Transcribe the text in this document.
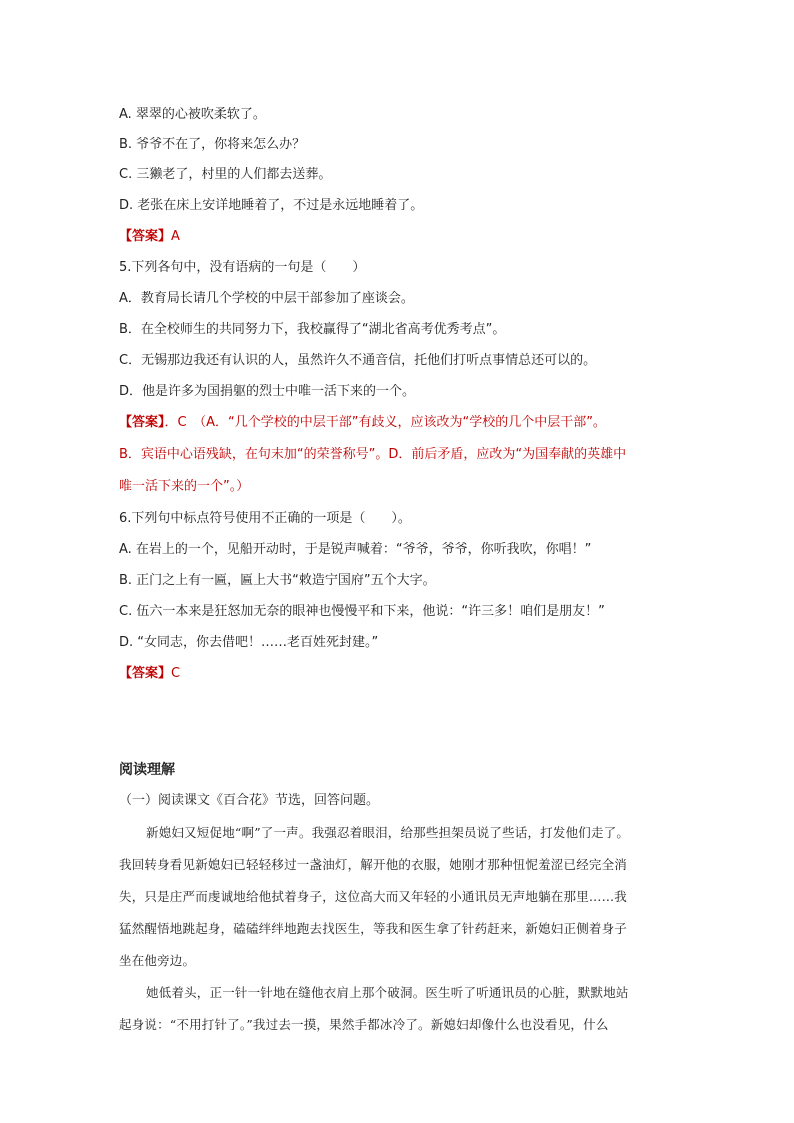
A. 翠翠的心被吹柔软了。
B. 爷爷不在了，你将来怎么办？
C. 三獭老了，村里的人们都去送葬。
D. 老张在床上安详地睡着了，不过是永远地睡着了。
【答案】A
5.下列各句中，没有语病的一句是（　　）
A．教育局长请几个学校的中层干部参加了座谈会。
B．在全校师生的共同努力下，我校赢得了“湖北省高考优秀考点”。
C．无锡那边我还有认识的人，虽然许久不通音信，托他们打听点事情总还可以的。
D．他是许多为国捐躯的烈士中唯一活下来的一个。
【答案】．C　（A．“几个学校的中层干部”有歧义，应该改为“学校的几个中层干部”。
B．宾语中心语残缺，在句末加“的荣誉称号”。D．前后矛盾，应改为“为国奉献的英雄中
唯一活下来的一个”。）
6.下列句中标点符号使用不正确的一项是（　　）。
A. 在岩上的一个，见船开动时，于是锐声喊着：“爷爷，爷爷，你听我吹，你唱！”
B. 正门之上有一匾，匾上大书“敕造宁国府”五个大字。
C. 伍六一本来是狂怒加无奈的眼神也慢慢平和下来，他说：“许三多！咱们是朋友！”
D. “女同志，你去借吧！……老百姓死封建。”
【答案】C
阅读理解
（一）阅读课文《百合花》节选，回答问题。
新媳妇又短促地“啊”了一声。我强忍着眼泪，给那些担架员说了些话，打发他们走了。
我回转身看见新媳妇已轻轻移过一盏油灯，解开他的衣服，她刚才那种忸怩羞涩已经完全消
失，只是庄严而虔诚地给他拭着身子，这位高大而又年轻的小通讯员无声地躺在那里……我
猛然醒悟地跳起身，磕磕绊绊地跑去找医生，等我和医生拿了针药赶来，新媳妇正侧着身子
坐在他旁边。
她低着头，正一针一针地在缝他衣肩上那个破洞。医生听了听通讯员的心脏，默默地站
起身说：“不用打针了。”我过去一摸，果然手都冰冷了。新媳妇却像什么也没看见，什么
